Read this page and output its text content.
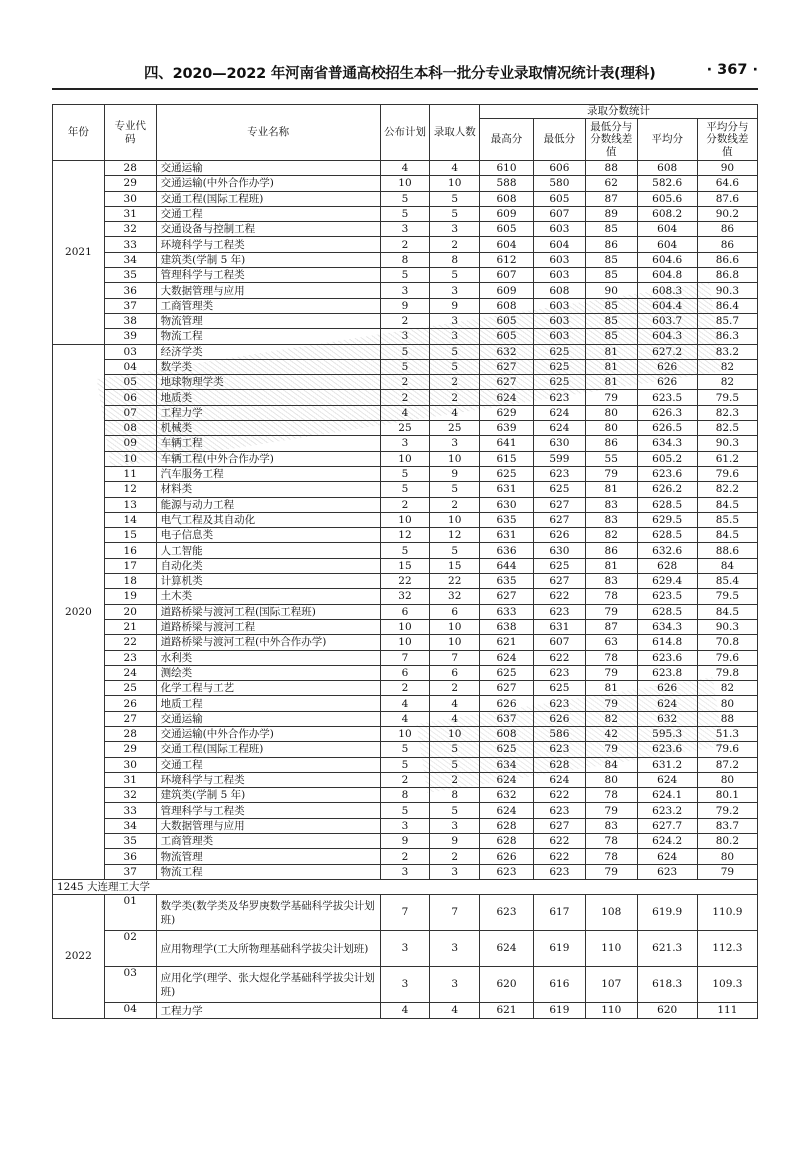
四、2020—2022 年河南省普通高校招生本科一批分专业录取情况统计表(理科)	· 367 ·
年份	专业代码	专业名称	公布计划	录取人数	录取分数统计				
					最高分	最低分	最低分与分数线差值	平均分	平均分与分数线差值
2021	28	交通运输	4	4	610	606	88	608	90
	29	交通运输(中外合作办学)	10	10	588	580	62	582.6	64.6
	30	交通工程(国际工程班)	5	5	608	605	87	605.6	87.6
	31	交通工程	5	5	609	607	89	608.2	90.2
	32	交通设备与控制工程	3	3	605	603	85	604	86
	33	环境科学与工程类	2	2	604	604	86	604	86
	34	建筑类(学制 5 年)	8	8	612	603	85	604.6	86.6
	35	管理科学与工程类	5	5	607	603	85	604.8	86.8
	36	大数据管理与应用	3	3	609	608	90	608.3	90.3
	37	工商管理类	9	9	608	603	85	604.4	86.4
	38	物流管理	2	3	605	603	85	603.7	85.7
	39	物流工程	3	3	605	603	85	604.3	86.3
2020	03	经济学类	5	5	632	625	81	627.2	83.2
	04	数学类	5	5	627	625	81	626	82
	05	地球物理学类	2	2	627	625	81	626	82
	06	地质类	2	2	624	623	79	623.5	79.5
	07	工程力学	4	4	629	624	80	626.3	82.3
	08	机械类	25	25	639	624	80	626.5	82.5
	09	车辆工程	3	3	641	630	86	634.3	90.3
	10	车辆工程(中外合作办学)	10	10	615	599	55	605.2	61.2
	11	汽车服务工程	5	9	625	623	79	623.6	79.6
	12	材料类	5	5	631	625	81	626.2	82.2
	13	能源与动力工程	2	2	630	627	83	628.5	84.5
	14	电气工程及其自动化	10	10	635	627	83	629.5	85.5
	15	电子信息类	12	12	631	626	82	628.5	84.5
	16	人工智能	5	5	636	630	86	632.6	88.6
	17	自动化类	15	15	644	625	81	628	84
	18	计算机类	22	22	635	627	83	629.4	85.4
	19	土木类	32	32	627	622	78	623.5	79.5
	20	道路桥梁与渡河工程(国际工程班)	6	6	633	623	79	628.5	84.5
	21	道路桥梁与渡河工程	10	10	638	631	87	634.3	90.3
	22	道路桥梁与渡河工程(中外合作办学)	10	10	621	607	63	614.8	70.8
	23	水利类	7	7	624	622	78	623.6	79.6
	24	测绘类	6	6	625	623	79	623.8	79.8
	25	化学工程与工艺	2	2	627	625	81	626	82
	26	地质工程	4	4	626	623	79	624	80
	27	交通运输	4	4	637	626	82	632	88
	28	交通运输(中外合作办学)	10	10	608	586	42	595.3	51.3
	29	交通工程(国际工程班)	5	5	625	623	79	623.6	79.6
	30	交通工程	5	5	634	628	84	631.2	87.2
	31	环境科学与工程类	2	2	624	624	80	624	80
	32	建筑类(学制 5 年)	8	8	632	622	78	624.1	80.1
	33	管理科学与工程类	5	5	624	623	79	623.2	79.2
	34	大数据管理与应用	3	3	628	627	83	627.7	83.7
	35	工商管理类	9	9	628	622	78	624.2	80.2
	36	物流管理	2	2	626	622	78	624	80
	37	物流工程	3	3	623	623	79	623	79
1245 大连理工大学									
2022	01	数学类(数学类及华罗庚数学基础科学拔尖计划班)	7	7	623	617	108	619.9	110.9
	02	应用物理学(工大所物理基础科学拔尖计划班)	3	3	624	619	110	621.3	112.3
	03	应用化学(理学、张大煜化学基础科学拔尖计划班)	3	3	620	616	107	618.3	109.3
	04	工程力学	4	4	621	619	110	620	111
